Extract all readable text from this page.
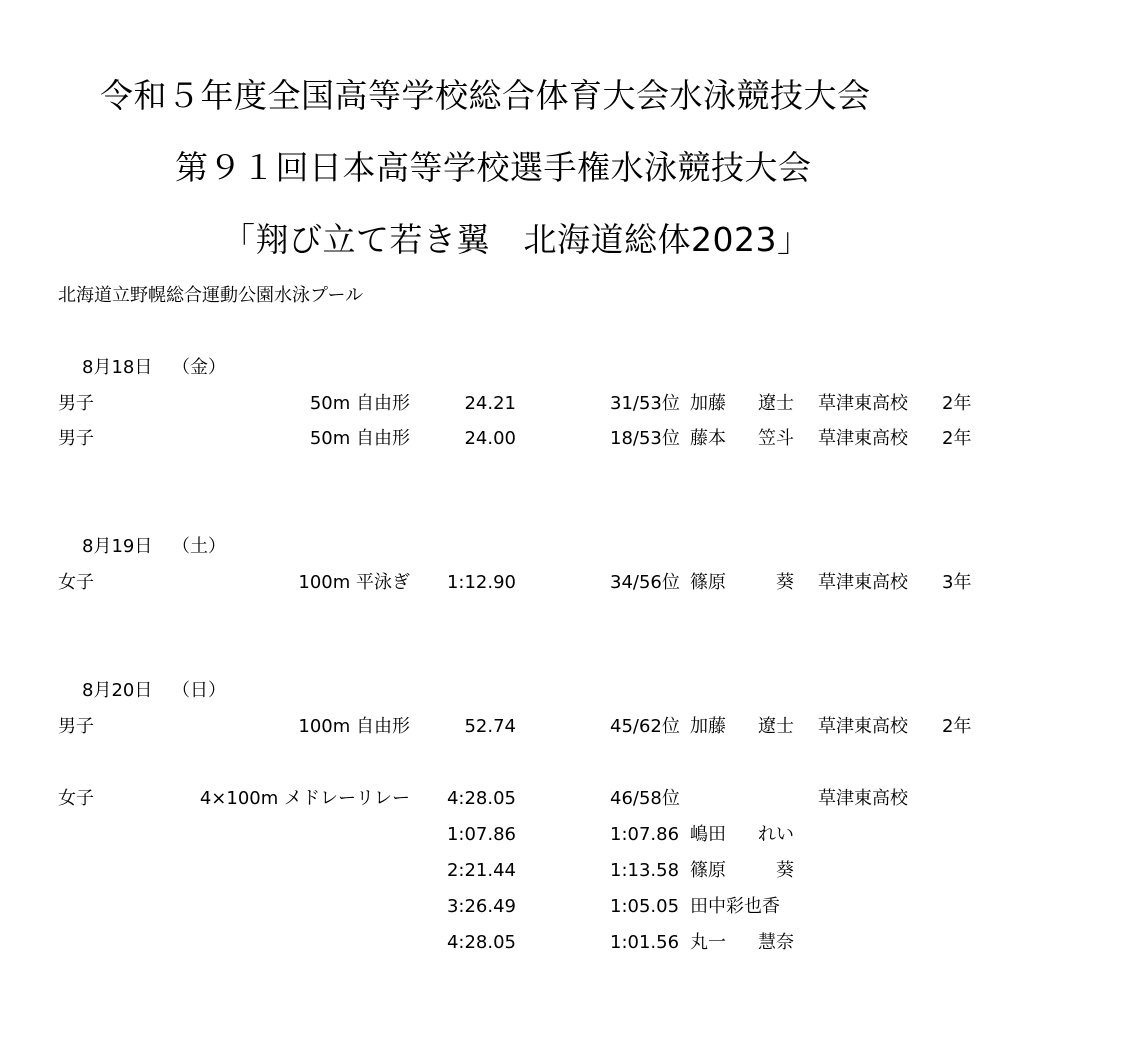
令和５年度全国高等学校総合体育大会水泳競技大会
第９１回日本高等学校選手権水泳競技大会
「翔び立て若き翼　北海道総体2023」
北海道立野幌総合運動公園水泳プール
8月18日 （金）
男子	50m 自由形	24.21	31/53位 加藤 遼士 草津東高校 2年
男子	50m 自由形	24.00	18/53位 藤本 笠斗 草津東高校 2年
8月19日 （土）
女子	100m 平泳ぎ 1:12.90	34/56位 篠原	葵 草津東高校 3年
8月20日 （日）
男子	100m 自由形	52.74	45/62位 加藤 遼士 草津東高校 2年
女子	4×100m メドレーリレー 4:28.05	46/58位	草津東高校
1:07.86	1:07.86 嶋田 れい
2:21.44	1:13.58 篠原	葵
3:26.49	1:05.05 田中彩也香
4:28.05	1:01.56 丸一 慧奈
